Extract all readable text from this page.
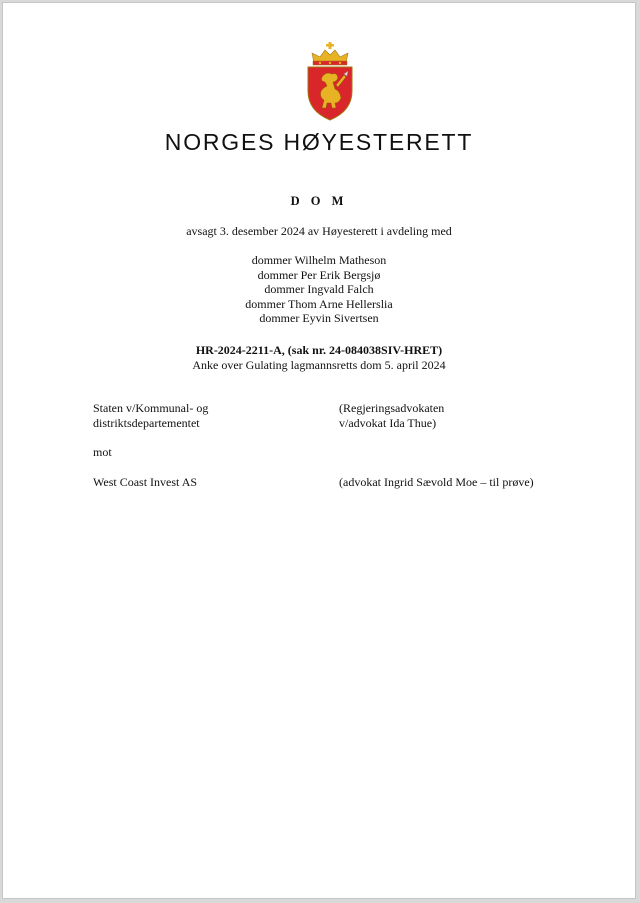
NORGES HØYESTERETT
D O M
avsagt 3. desember 2024 av Høyesterett i avdeling med
dommer Wilhelm Matheson
dommer Per Erik Bergsjø
dommer Ingvald Falch
dommer Thom Arne Hellerslia
dommer Eyvin Sivertsen
HR-2024-2211-A, (sak nr. 24-084038SIV-HRET)
Anke over Gulating lagmannsretts dom 5. april 2024
Staten v/Kommunal- og
distriktsdepartementet
(Regjeringsadvokaten
v/advokat Ida Thue)
mot
West Coast Invest AS	(advokat Ingrid Sævold Moe – til prøve)
